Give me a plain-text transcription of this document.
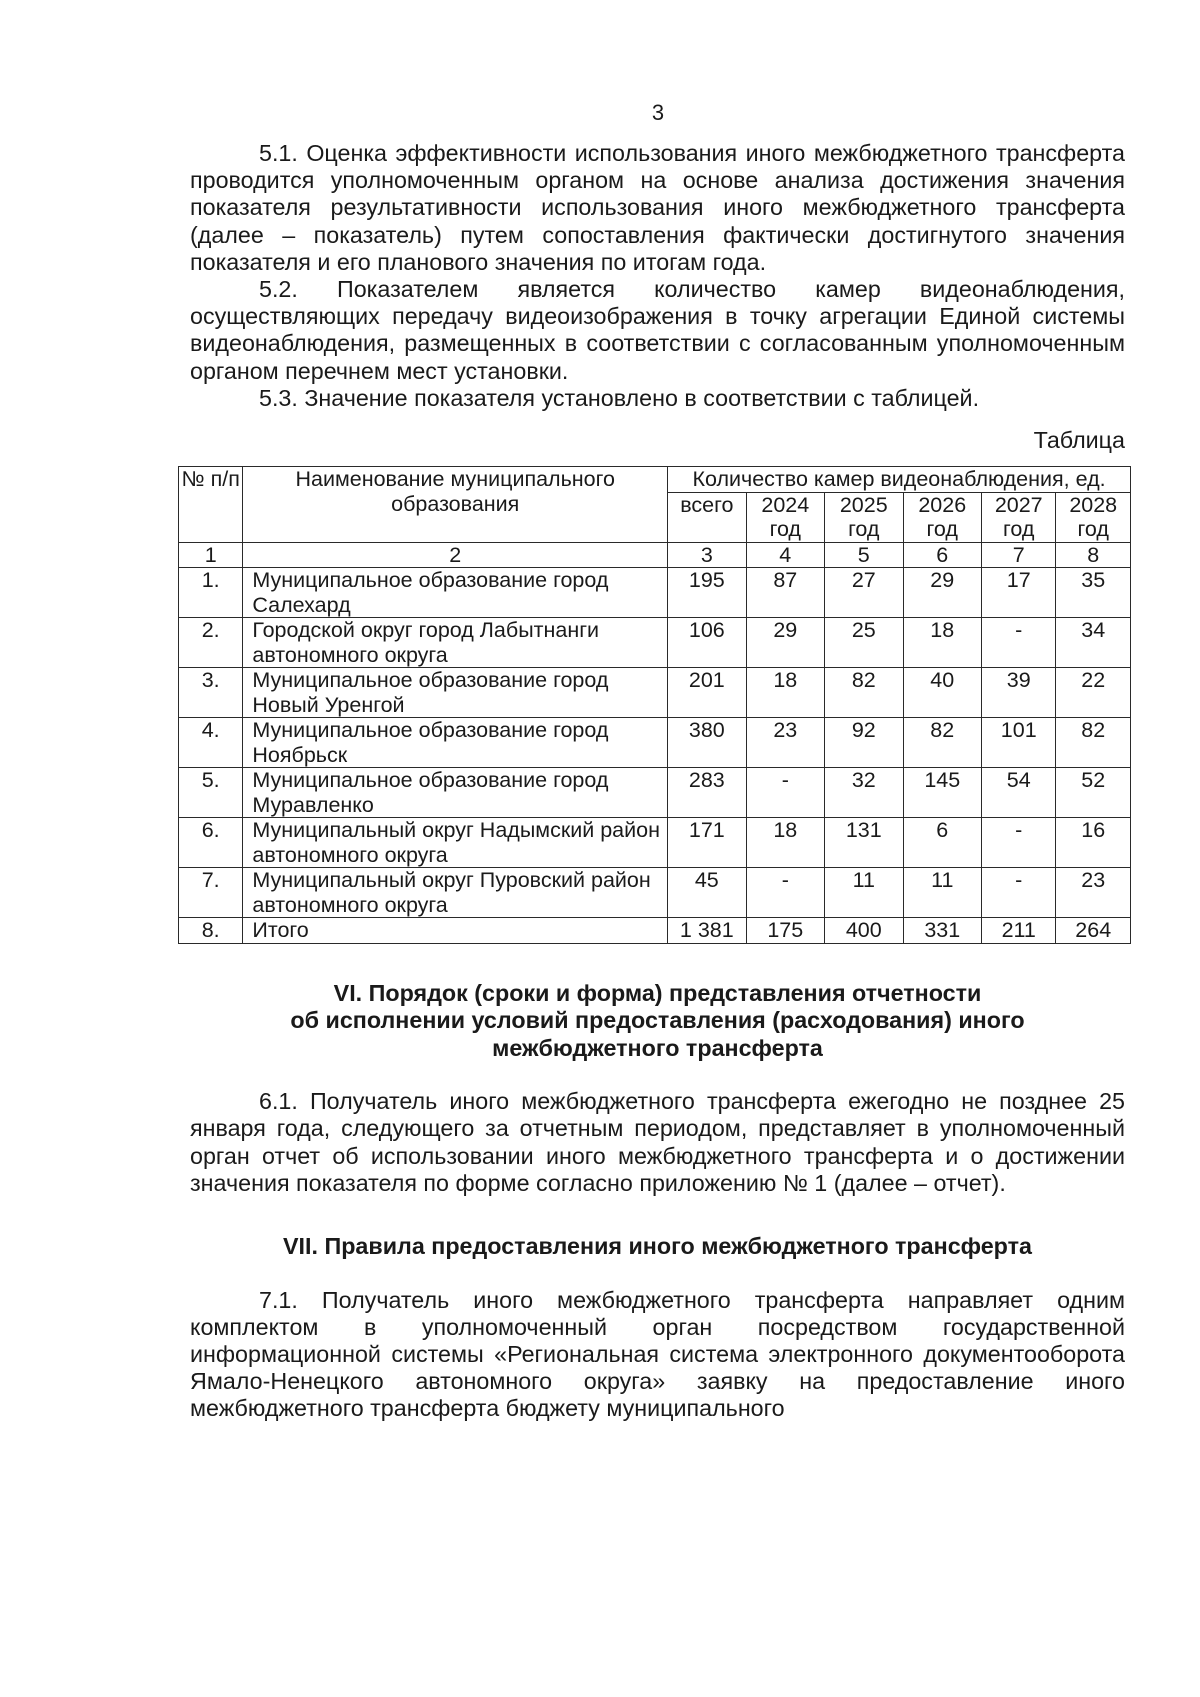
3

5.1. Оценка эффективности использования иного межбюджетного трансферта проводится уполномоченным органом на основе анализа достижения значения показателя результативности использования иного межбюджетного трансферта (далее – показатель) путем сопоставления фактически достигнутого значения показателя и его планового значения по итогам года.

5.2. Показателем является количество камер видеонаблюдения, осуществляющих передачу видеоизображения в точку агрегации Единой системы видеонаблюдения, размещенных в соответствии с согласованным уполномоченным органом перечнем мест установки.

5.3. Значение показателя установлено в соответствии с таблицей.

Таблица
№ п/п	Наименование муниципального образования	Количество камер видеонаблюдения, ед.					
		всего	2024 год	2025 год	2026 год	2027 год	2028 год
1	2	3	4	5	6	7	8
1.	Муниципальное образование город Салехард	195	87	27	29	17	35
2.	Городской округ город Лабытнанги автономного округа	106	29	25	18	-	34
3.	Муниципальное образование город Новый Уренгой	201	18	82	40	39	22
4.	Муниципальное образование город Ноябрьск	380	23	92	82	101	82
5.	Муниципальное образование город Муравленко	283	-	32	145	54	52
6.	Муниципальный округ Надымский район автономного округа	171	18	131	6	-	16
7.	Муниципальный округ Пуровский район автономного округа	45	-	11	11	-	23
8.	Итого	1 381	175	400	331	211	264
VI. Порядок (сроки и форма) представления отчетности
об исполнении условий предоставления (расходования) иного
межбюджетного трансферта

6.1. Получатель иного межбюджетного трансферта ежегодно не позднее 25 января года, следующего за отчетным периодом, представляет в уполномоченный орган отчет об использовании иного межбюджетного трансферта и о достижении значения показателя по форме согласно приложению № 1 (далее – отчет).

VII. Правила предоставления иного межбюджетного трансферта

7.1. Получатель иного межбюджетного трансферта направляет одним комплектом в уполномоченный орган посредством государственной информационной системы «Региональная система электронного документооборота Ямало-Ненецкого автономного округа» заявку на предоставление иного межбюджетного трансферта бюджету муниципального
